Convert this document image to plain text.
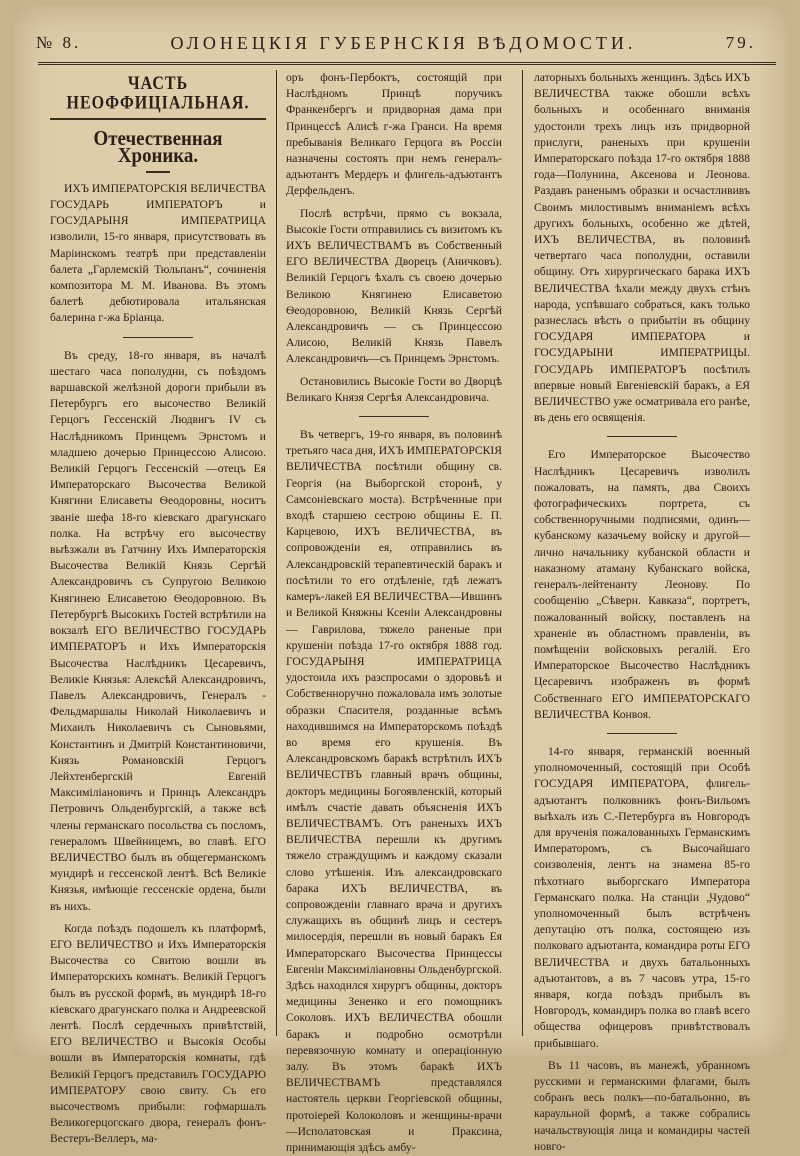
№ 8.	ОЛОНЕЦКІЯ ГУБЕРНСКІЯ ВѢДОМОСТИ.	79.
ЧАСТЬ НЕОФФИЦІАЛЬНАЯ.
Отечественная Хроника.

ИХЪ ИМПЕРАТОРСКІЯ ВЕЛИЧЕСТВА ГОСУДАРЬ ИМПЕРАТОРЪ и ГОСУДАРЫНЯ ИМПЕРАТРИЦА изволили, 15-го января, присутствовать въ Маріинскомъ театрѣ при представленіи балета „Гарлемскій Тюльпанъ“, сочиненія композитора М. М. Иванова. Въ этомъ балетѣ дебютировала итальянская балерина г-жа Бріанца.

Въ среду, 18-го января, въ началѣ шестаго часа пополудни, съ поѣздомъ варшавской желѣзной дороги прибыли въ Петербургъ его высочество Великій Герцогъ Гессенскій Людвигъ IV съ Наслѣдникомъ Принцемъ Эрнстомъ и младшею дочерью Принцессою Алисою. Великій Герцогъ Гессенскій —отецъ Ея Императорскаго Высочества Великой Княгини Елисаветы Ѳеодоровны, носитъ званіе шефа 18-го кіевскаго драгунскаго полка. На встрѣчу его высочеству выѣзжали въ Гатчину Ихъ Императорскія Высочества Великій Князь Сергѣй Александровичъ съ Супругою Великою Княгинею Елисаветою Ѳеодоровною. Въ Петербургѣ Высокихъ Гостей встрѣтили на вокзалѣ ЕГО ВЕЛИЧЕСТВО ГОСУДАРЬ ИМПЕРАТОРЪ и Ихъ Императорскія Высочества Наслѣдникъ Цесаревичъ, Великіе Князья: Алексѣй Александровичъ, Павелъ Александровичъ, Генералъ - Фельдмаршалы Николай Николаевичъ и Михаилъ Николаевичъ съ Сыновьями, Константинъ и Дмитрій Константиновичи, Князь Романовскій Герцогъ Лейхтенбергскій Евгеній Максиміліановичъ и Принцъ Александръ Петровичъ Ольденбургскій, а также всѣ члены германскаго посольства съ посломъ, генераломъ Швейницемъ, во главѣ. ЕГО ВЕЛИЧЕСТВО былъ въ общегерманскомъ мундирѣ и гессенской лентѣ. Всѣ Великіе Князья, имѣющіе гессенскіе ордена, были въ нихъ.

Когда поѣздъ подошелъ къ платформѣ, ЕГО ВЕЛИЧЕСТВО и Ихъ Императорскія Высочества со Свитою вошли въ Императорскихъ комнатъ. Великій Герцогъ былъ въ русской формѣ, въ мундирѣ 18-го кіевскаго драгунскаго полка и Андреевской лентѣ. Послѣ сердечныхъ привѣтствій, ЕГО ВЕЛИЧЕСТВО и Высокія Особы вошли въ Императорскія комнаты, гдѣ Великій Герцогъ представилъ ГОСУДАРЮ ИМПЕРАТОРУ свою свиту. Съ его высочествомъ прибыли: гофмаршалъ Великогерцогскаго двора, генералъ фонъ-Вестеръ-Веллеръ, ма-

оръ фонъ-Пербоктъ, состоящій при Наслѣдномъ Принцѣ поручикъ Франкенбергъ и придворная дама при Принцессѣ Алисѣ г-жа Гранси. На время пребыванія Великаго Герцога въ Россіи назначены состоять при немъ генералъ-адъютантъ Мердеръ и флигель-адъютантъ Дерфельденъ.

Послѣ встрѣчи, прямо съ вокзала, Высокіе Гости отправились съ визитомъ къ ИХЪ ВЕЛИЧЕСТВАМЪ въ Собственный ЕГО ВЕЛИЧЕСТВА Дворецъ (Аничковъ). Великій Герцогъ ѣхалъ съ своею дочерью Великою Княгинею Елисаветою Ѳеодоровною, Великій Князь Сергѣй Александровичъ — съ Принцессою Алисою, Великій Князь Павелъ Александровичъ—съ Принцемъ Эрнстомъ.

Остановились Высокіе Гости во Дворцѣ Великаго Князя Сергѣя Александровича.

Въ четвергъ, 19-го января, въ половинѣ третьяго часа дня, ИХЪ ИМПЕРАТОРСКІЯ ВЕЛИЧЕСТВА посѣтили общину св. Георгія (на Выборгской сторонѣ, у Самсоніевскаго моста). Встрѣченные при входѣ старшею сестрою общины Е. П. Карцевою, ИХЪ ВЕЛИЧЕСТВА, въ сопровожденіи ея, отправились въ Александровскій терапевтическій баракъ и посѣтили то его отдѣленіе, гдѣ лежатъ камеръ-лакей ЕЯ ВЕЛИЧЕСТВА—Ившинъ и Великой Княжны Ксеніи Александровны — Гаврилова, тяжело раненые при крушеніи поѣзда 17-го октября 1888 год. ГОСУДАРЫНЯ ИМПЕРАТРИЦА удостоила ихъ разспросами о здоровьѣ и Собственноручно пожаловала имъ золотые образки Спасителя, розданные всѣмъ находившимся на Императорскомъ поѣздѣ во время его крушенія. Въ Александровскомъ баракѣ встрѣтилъ ИХЪ ВЕЛИЧЕСТВЪ главный врачъ общины, докторъ медицины Богоявленскій, который имѣлъ счастіе давать объясненія ИХЪ ВЕЛИЧЕСТВАМЪ. Отъ раненыхъ ИХЪ ВЕЛИЧЕСТВА перешли къ другимъ тяжело страждущимъ и каждому сказали слово утѣшенія. Изъ александровскаго барака ИХЪ ВЕЛИЧЕСТВА, въ сопровожденіи главнаго врача и другихъ служащихъ въ общинѣ лицъ и сестеръ милосердія, перешли въ новый баракъ Ея Императорскаго Высочества Принцессы Евгеніи Максиміліановны Ольденбургской. Здѣсь находился хирургъ общины, докторъ медицины Зененко и его помощникъ Соколовъ. ИХЪ ВЕЛИЧЕСТВА обошли баракъ и подробно осмотрѣли перевязочную комнату и операціонную залу. Въ этомъ баракѣ ИХЪ ВЕЛИЧЕСТВАМЪ представлялся настоятель церкви Георгіевской общины, протоіерей Колоколовъ и женщины-врачи—Исполатовская и Праксина, принимающія здѣсь амбу-

латорныхъ больныхъ женщинъ. Здѣсь ИХЪ ВЕЛИЧЕСТВА также обошли всѣхъ больныхъ и особеннаго вниманія удостоили трехъ лицъ изъ придворной прислуги, раненыхъ при крушеніи Императорскаго поѣзда 17-го октября 1888 года—Полунина, Аксенова и Леонова. Раздавъ раненымъ образки и осчастлививъ Своимъ милостивымъ вниманіемъ всѣхъ другихъ больныхъ, особенно же дѣтей, ИХЪ ВЕЛИЧЕСТВА, въ половинѣ четвертаго часа пополудни, оставили общину. Отъ хирургическаго барака ИХЪ ВЕЛИЧЕСТВА ѣхали между двухъ стѣнъ народа, успѣвшаго собраться, какъ только разнеслась вѣсть о прибытіи въ общину ГОСУДАРЯ ИМПЕРАТОРА и ГОСУДАРЫНИ ИМПЕРАТРИЦЫ. ГОСУДАРЬ ИМПЕРАТОРЪ посѣтилъ впервые новый Евгеніевскій баракъ, а ЕЯ ВЕЛИЧЕСТВО уже осматривала его ранѣе, въ день его освященія.

Его Императорское Высочество Наслѣдникъ Цесаревичъ изволилъ пожаловать, на память, два Своихъ фотографическихъ портрета, съ собственноручными подписями, одинъ—кубанскому казачьему войску и другой—лично начальнику кубанской области и наказному атаману Кубанскаго войска, генералъ-лейтенанту Леонову. По сообщенію „Сѣверн. Кавказа“, портретъ, пожалованный войску, поставленъ на храненіе въ областномъ правленіи, въ помѣщеніи войсковыхъ регалій. Его Императорское Высочество Наслѣдникъ Цесаревичъ изображенъ въ формѣ Собственнаго ЕГО ИМПЕРАТОРСКАГО ВЕЛИЧЕСТВА Конвоя.

14-го января, германскій военный уполномоченный, состоящій при Особѣ ГОСУДАРЯ ИМПЕРАТОРА, флигель-адъютантъ полковникъ фонъ-Вильомъ выѣхалъ изъ С.-Петербурга въ Новгородъ для врученія пожалованныхъ Германскимъ Императоромъ, съ Высочайшаго соизволенія, лентъ на знамена 85-го пѣхотнаго выборгскаго Императора Германскаго полка. На станціи „Чудово“ уполномоченный былъ встрѣченъ депутацію отъ полка, состоящею изъ полковаго адъютанта, командира роты ЕГО ВЕЛИЧЕСТВА и двухъ батальонныхъ адъютантовъ, а въ 7 часовъ утра, 15-го января, когда поѣздъ прибылъ въ Новгородъ, командиръ полка во главѣ всего общества офицеровъ привѣтствовалъ прибывшаго.

Въ 11 часовъ, въ манежѣ, убранномъ русскими и германскими флагами, былъ собранъ весь полкъ—по-батальонно, въ караульной формѣ, а также собрались начальствующія лица и командиры частей новго-
